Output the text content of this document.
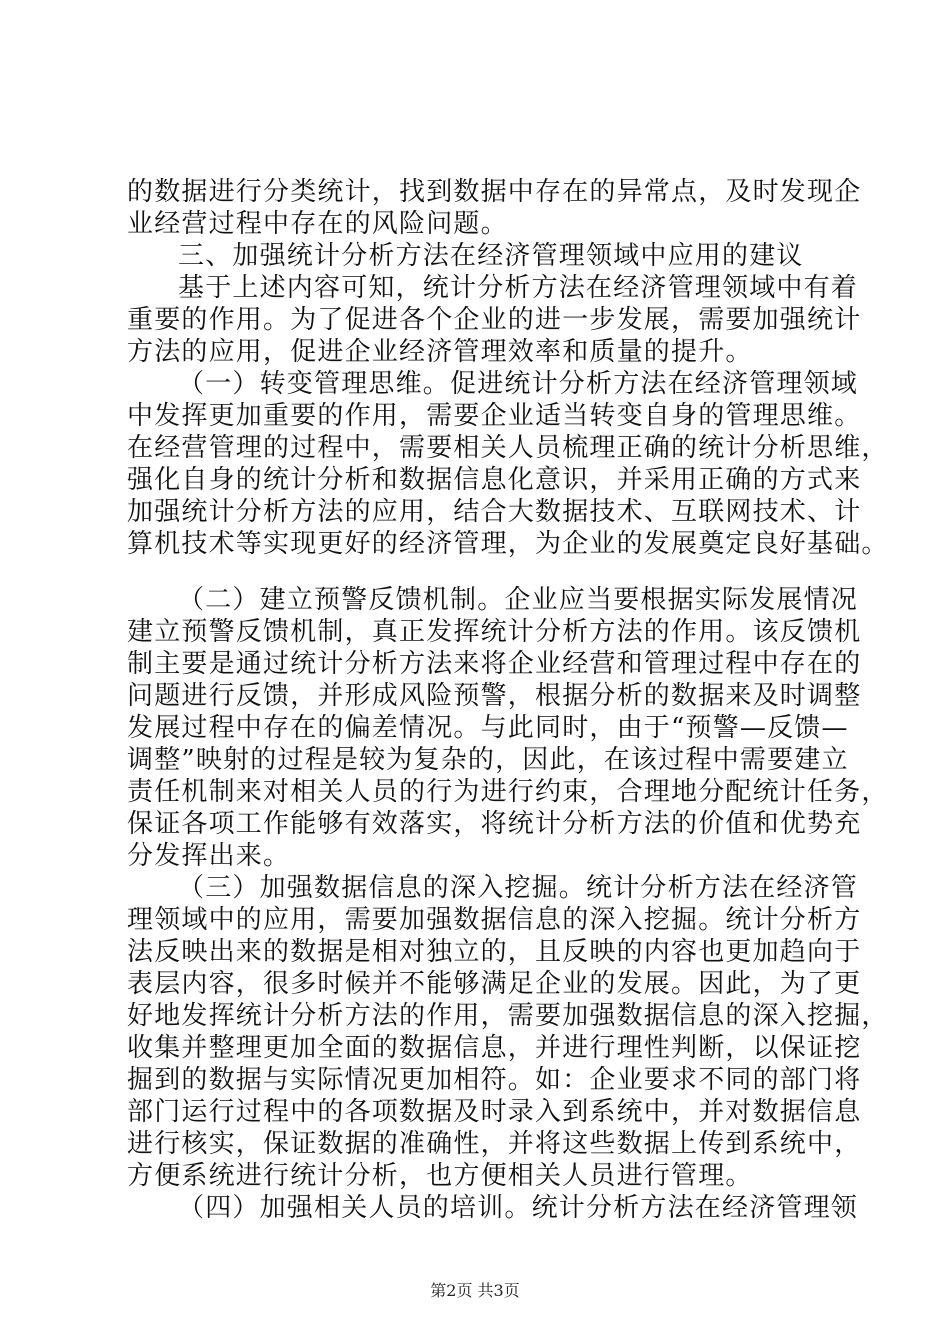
的数据进行分类统计，找到数据中存在的异常点，及时发现企
业经营过程中存在的风险问题。
三、加强统计分析方法在经济管理领域中应用的建议
基于上述内容可知，统计分析方法在经济管理领域中有着
重要的作用。为了促进各个企业的进一步发展，需要加强统计
方法的应用，促进企业经济管理效率和质量的提升。
（一）转变管理思维。促进统计分析方法在经济管理领域
中发挥更加重要的作用，需要企业适当转变自身的管理思维。
在经营管理的过程中，需要相关人员梳理正确的统计分析思维，
强化自身的统计分析和数据信息化意识，并采用正确的方式来
加强统计分析方法的应用，结合大数据技术、互联网技术、计
算机技术等实现更好的经济管理，为企业的发展奠定良好基础。
（二）建立预警反馈机制。企业应当要根据实际发展情况
建立预警反馈机制，真正发挥统计分析方法的作用。该反馈机
制主要是通过统计分析方法来将企业经营和管理过程中存在的
问题进行反馈，并形成风险预警，根据分析的数据来及时调整
发展过程中存在的偏差情况。与此同时，由于“预警—反馈—
调整”映射的过程是较为复杂的，因此，在该过程中需要建立
责任机制来对相关人员的行为进行约束，合理地分配统计任务，
保证各项工作能够有效落实，将统计分析方法的价值和优势充
分发挥出来。
（三）加强数据信息的深入挖掘。统计分析方法在经济管
理领域中的应用，需要加强数据信息的深入挖掘。统计分析方
法反映出来的数据是相对独立的，且反映的内容也更加趋向于
表层内容，很多时候并不能够满足企业的发展。因此，为了更
好地发挥统计分析方法的作用，需要加强数据信息的深入挖掘，
收集并整理更加全面的数据信息，并进行理性判断，以保证挖
掘到的数据与实际情况更加相符。如：企业要求不同的部门将
部门运行过程中的各项数据及时录入到系统中，并对数据信息
进行核实，保证数据的准确性，并将这些数据上传到系统中，
方便系统进行统计分析，也方便相关人员进行管理。
（四）加强相关人员的培训。统计分析方法在经济管理领
第2页 共3页
